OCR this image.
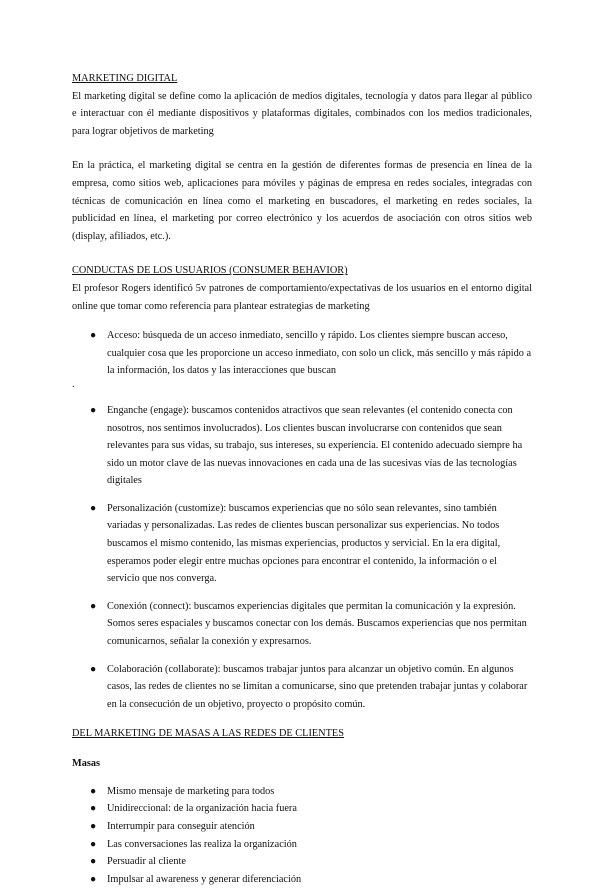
MARKETING DIGITAL

El marketing digital se define como la aplicación de medios digitales, tecnología y datos para llegar al público e interactuar con él mediante dispositivos y plataformas digitales, combinados con los medios tradicionales, para lograr objetivos de marketing

En la práctica, el marketing digital se centra en la gestión de diferentes formas de presencia en línea de la empresa, como sitios web, aplicaciones para móviles y páginas de empresa en redes sociales, integradas con técnicas de comunicación en línea como el marketing en buscadores, el marketing en redes sociales, la publicidad en línea, el marketing por correo electrónico y los acuerdos de asociación con otros sitios web (display, afiliados, etc.).

CONDUCTAS DE LOS USUARIOS (CONSUMER BEHAVIOR)

El profesor Rogers identificó 5v patrones de comportamiento/expectativas de los usuarios en el entorno digital online que tomar como referencia para plantear estrategias de marketing

● Acceso: búsqueda de un acceso inmediato, sencillo y rápido. Los clientes siempre buscan acceso, cualquier cosa que les proporcione un acceso inmediato, con solo un click, más sencillo y más rápido a la información, los datos y las interacciones que buscan
.
● Enganche (engage): buscamos contenidos atractivos que sean relevantes (el contenido conecta con nosotros, nos sentimos involucrados). Los clientes buscan involucrarse con contenidos que sean relevantes para sus vidas, su trabajo, sus intereses, su experiencia. El contenido adecuado siempre ha sido un motor clave de las nuevas innovaciones en cada una de las sucesivas vías de las tecnologías digitales
● Personalización (customize): buscamos experiencias que no sólo sean relevantes, sino también variadas y personalizadas. Las redes de clientes buscan personalizar sus experiencias. No todos buscamos el mismo contenido, las mismas experiencias, productos y servicial. En la era digital, esperamos poder elegir entre muchas opciones para encontrar el contenido, la información o el servicio que nos converga.
● Conexión (connect): buscamos experiencias digitales que permitan la comunicación y la expresión. Somos seres espaciales y buscamos conectar con los demás. Buscamos experiencias que nos permitan comunicarnos, señalar la conexión y expresarnos.
● Colaboración (collaborate): buscamos trabajar juntos para alcanzar un objetivo común. En algunos casos, las redes de clientes no se limitan a comunicarse, sino que pretenden trabajar juntas y colaborar en la consecución de un objetivo, proyecto o propósito común.

DEL MARKETING DE MASAS A LAS REDES DE CLIENTES

Masas

● Mismo mensaje de marketing para todos
● Unidireccional: de la organización hacia fuera
● Interrumpir para conseguir atención
● Las conversaciones las realiza la organización
● Persuadir al cliente
● Impulsar al awareness y generar diferenciación
